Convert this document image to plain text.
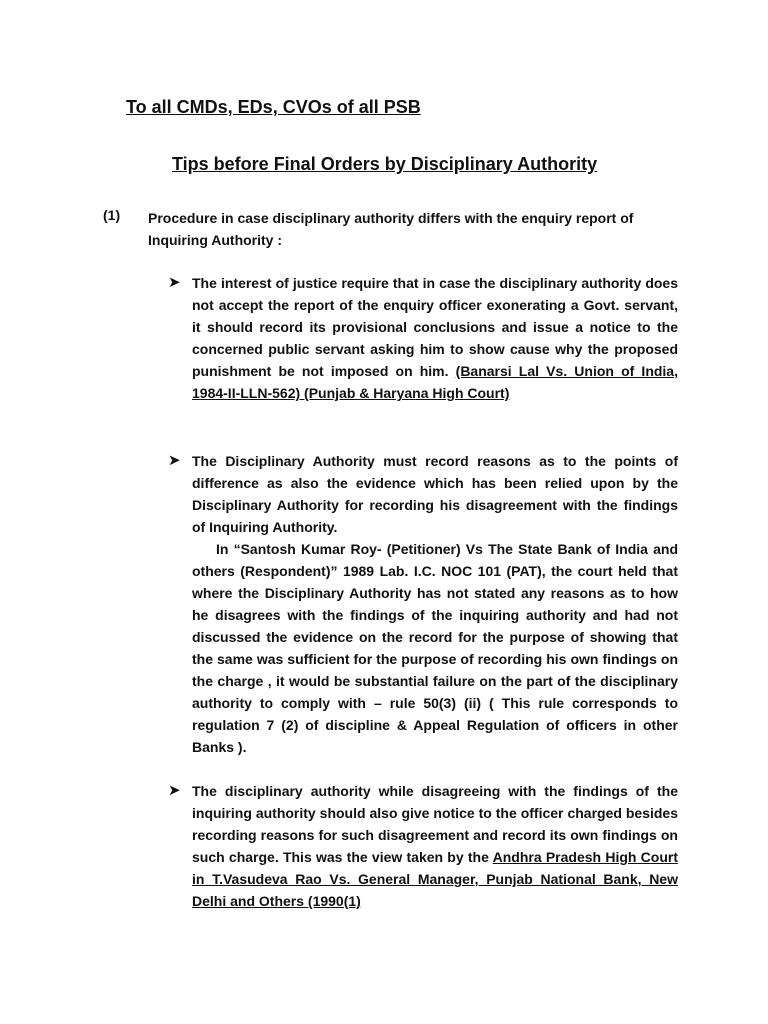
To all CMDs, EDs, CVOs of all PSB
Tips before Final Orders by Disciplinary Authority
(1) Procedure in case disciplinary authority differs with the enquiry report of Inquiring Authority :
➤ The interest of justice require that in case the disciplinary authority does not accept the report of the enquiry officer exonerating a Govt. servant, it should record its provisional conclusions and issue a notice to the concerned public servant asking him to show cause why the proposed punishment be not imposed on him. (Banarsi Lal Vs. Union of India, 1984-II-LLN-562) (Punjab & Haryana High Court)

➤ The Disciplinary Authority must record reasons as to the points of difference as also the evidence which has been relied upon by the Disciplinary Authority for recording his disagreement with the findings of Inquiring Authority.

In “Santosh Kumar Roy- (Petitioner) Vs The State Bank of India and others (Respondent)” 1989 Lab. I.C. NOC 101 (PAT), the court held that where the Disciplinary Authority has not stated any reasons as to how he disagrees with the findings of the inquiring authority and had not discussed the evidence on the record for the purpose of showing that the same was sufficient for the purpose of recording his own findings on the charge , it would be substantial failure on the part of the disciplinary authority to comply with – rule 50(3) (ii) ( This rule corresponds to regulation 7 (2) of discipline & Appeal Regulation of officers in other Banks ).

➤ The disciplinary authority while disagreeing with the findings of the inquiring authority should also give notice to the officer charged besides recording reasons for such disagreement and record its own findings on such charge. This was the view taken by the Andhra Pradesh High Court in T.Vasudeva Rao Vs. General Manager, Punjab National Bank, New Delhi and Others (1990(1)
